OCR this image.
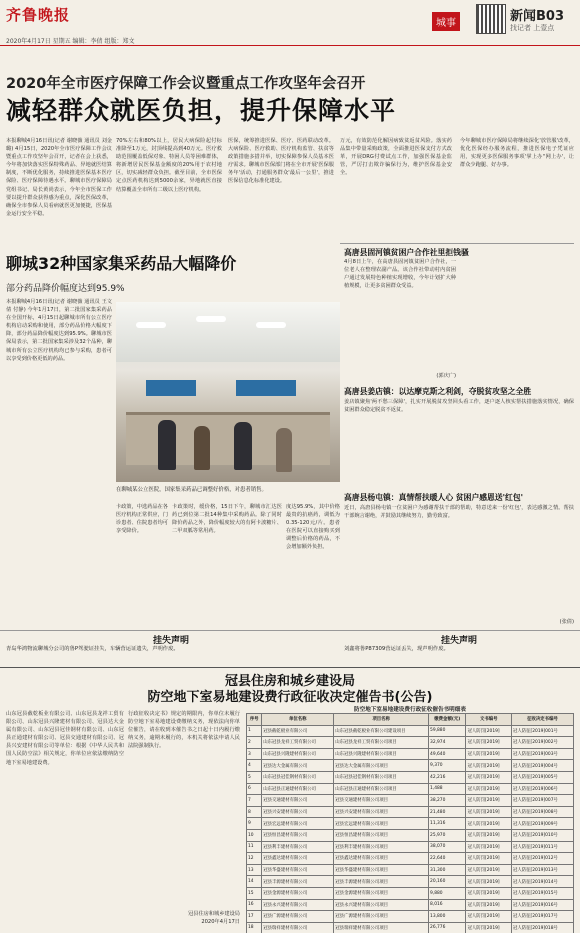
齐鲁晚报	城事	新闻B03
找记者 上壹点
2020年4月17日 星期五 编辑：李倩 组版：郑文
2020年全市医疗保障工作会议暨重点工作攻坚年会召开
减轻群众就医负担，提升保障水平
本报聊城4月16日讯(记者 谢晓薇 通讯员 刘金璐) 4月15日，2020年全市医疗保障工作会议暨重点工作攻坚年会召开，记者在会上获悉，今年将加快落实医保特殊药品、异地就医结算制度，不断优化服务，持续推进医保基本医疗保险、医疗保障待遇水平。聊城市医疗保障局党组书记、局长黄尚表示，今年全市医保工作要以提升群众获得感为重点，深化医保改革，确保全市参保人员看病就医更加便捷，医保基金运行安全平稳。
70%左右和80%以上，居民大病保险起付标准降至1万元，封顶线提高到40万元。医疗救助范围覆盖低保对象、特困人员等困难群体，将新增居民医保基金额度的20%用于农村地区，切实减轻群众负担。截至目前，全市医保定点医药机构达到5000余家，异地就医直接结算覆盖全市所有二级以上医疗机构。
医保，统筹推进医保、医疗、医药联动改革。大病保险、医疗救助、医疗机构监管、扶贫等政策措施多措并举，切实保障参保人员基本医疗需求。聊城市医保部门将在全市开展'医保服务年'活动，打通服务群众'最后一公里'，推进医保信息化标准化建设。
万元，有效防范化解因病致贫返贫风险。落实药品集中带量采购政策，全面推进医保支付方式改革，开展DRG付费试点工作，加强医保基金监管，严厉打击欺诈骗保行为，维护医保基金安全。
今年聊城市医疗保障局将继续深化'放管服'改革，优化医保经办服务流程，推进医保电子凭证应用，实现更多医保服务事项'掌上办''网上办'，让群众少跑腿、好办事。
聊城32种国家集采药品大幅降价
部分药品降价幅度达到95.9%
本报聊城4月16日讯(记者 谢晓薇 通讯员 王文倩 付静) 今年1月17日，第二批国家集采药品在全国开标，4月15日起聊城市所有公立医疗机构启动采购和使用，部分药品价格大幅度下降，部分药品降价幅度达到95.9%。聊城市医保局表示，第二批国家集采涉及32个品种，聊城市所有公立医疗机构均已参与采购，患者可以享受到价格更低的药品。
在聊城某公立医院，国家集采药品已调整好价格，对患者销售。
卡政策，中选药品在各医疗机构正常供应，门诊患者、住院患者均可享受降价。
卡政策时，缓价格，15日下午，聊城市汇达医药已到位第二批14种集中采购药品。除了同时降价药品之外，降价幅度较大的有阿卡波糖片、二甲双胍等常用药。
度达95.9%，其中价格最贵的抗癌药，调低为0.35-120元/片。患者在医院可以直接购买到调整后价格的药品，不会增加额外负担。
高唐县固河镇贫困户合作社里拒钱骚
4月8日上午，在高唐县固河镇贫困户合作社，一位老人在整理农副产品。该合作社带动村内贫困户通过发展特色种植实现增收，今年计划扩大种植规模，让更多贫困群众受益。
(郭庆广)
高唐县姜店镇：以达摩克斯之利剑，夺脱贫攻坚之全胜
姜店镇聚焦'两不愁三保障'，扎实开展脱贫攻坚回头看工作，逐户逐人核实帮扶措施落实情况，确保贫困群众稳定脱贫不返贫。
高唐县杨屯镇：真情帮扶暖人心 贫困户感恩送'红包'
近日，高唐县杨屯镇一位贫困户为感谢帮扶干部的帮助，特意送来一份'红包'，表达感激之情。帮扶干部婉言谢绝，并鼓励其继续努力，勤劳致富。
(张倩)
挂失声明
青岛华鸿物流聊城分公司的鲁P驾驶证挂失，车辆营运证遗失，声明作废。
挂失声明
刘鑫将鲁P87309营运证丢失，现声明作废。
冠县住房和城乡建设局
防空地下室易地建设费行政征收决定催告书(公告)
山东冠县截乾板业有限公司、山东冠县龙祥工贸有限公司、山东冠县兴隆建材有限公司、冠县达大金属有限公司、山东冠县冠佳钢材有限公司、山东冠县正通建材有限公司、冠县交通建材有限公司、冠县兴安建材有限公司等单位：根据《中华人民共和国人民防空法》相关规定，你单位应依法缴纳防空地下室易地建设费。
行政征收决定书》规定的期限内，你单位未履行防空地下室易地建设费缴纳义务，现依法向你单位催告，请在收到本催告书之日起十日内履行缴纳义务，逾期未履行的，本机关将依法申请人民法院强制执行。
冠县住房和城乡建设局
2020年4月17日
防空地下室易地建设费行政征收催告书明细表
序号	单位名称	项目名称	缴费金额(元)	文书编号	征收决定书编号
1	冠县截乾板业有限公司	山东冠县截乾板业有限公司建设项目	59,880	冠人防罚[2019]	冠人防征[2019]001号
2	山东冠县龙祥工贸有限公司	山东冠县龙祥工贸有限公司项目	32,974	冠人防罚[2019]	冠人防征[2019]002号
3	山东冠县兴隆建材有限公司	山东冠县兴隆建材有限公司项目	49,640	冠人防罚[2019]	冠人防征[2019]003号
4	冠县达大金属有限公司	冠县达大金属有限公司项目	9,370	冠人防罚[2019]	冠人防征[2019]004号
5	山东冠县冠佳钢材有限公司	山东冠县冠佳钢材有限公司项目	42,216	冠人防罚[2019]	冠人防征[2019]005号
6	山东冠县正通建材有限公司	山东冠县正通建材有限公司项目	1,488	冠人防罚[2019]	冠人防征[2019]006号
7	冠县交通建材有限公司	冠县交通建材有限公司项目	38,270	冠人防罚[2019]	冠人防征[2019]007号
8	冠县兴安建材有限公司	冠县兴安建材有限公司项目	21,480	冠人防罚[2019]	冠人防征[2019]008号
9	冠县宏远建材有限公司	冠县宏远建材有限公司项目	11,316	冠人防罚[2019]	冠人防征[2019]009号
10	冠县恒昌建材有限公司	冠县恒昌建材有限公司项目	25,970	冠人防罚[2019]	冠人防征[2019]010号
11	冠县利丰建材有限公司	冠县利丰建材有限公司项目	38,070	冠人防罚[2019]	冠人防征[2019]011号
12	冠县鑫达建材有限公司	冠县鑫达建材有限公司项目	22,640	冠人防罚[2019]	冠人防征[2019]012号
13	冠县华盛建材有限公司	冠县华盛建材有限公司项目	31,300	冠人防罚[2019]	冠人防征[2019]013号
14	冠县丰源建材有限公司	冠县丰源建材有限公司项目	20,160	冠人防罚[2019]	冠人防征[2019]014号
15	冠县金源建材有限公司	冠县金源建材有限公司项目	9,880	冠人防罚[2019]	冠人防征[2019]015号
16	冠县永兴建材有限公司	冠县永兴建材有限公司项目	8,016	冠人防罚[2019]	冠人防征[2019]016号
17	冠县广源建材有限公司	冠县广源建材有限公司项目	13,800	冠人防罚[2019]	冠人防征[2019]017号
18	冠县瑞祥建材有限公司	冠县瑞祥建材有限公司项目	26,776	冠人防罚[2019]	冠人防征[2019]018号
